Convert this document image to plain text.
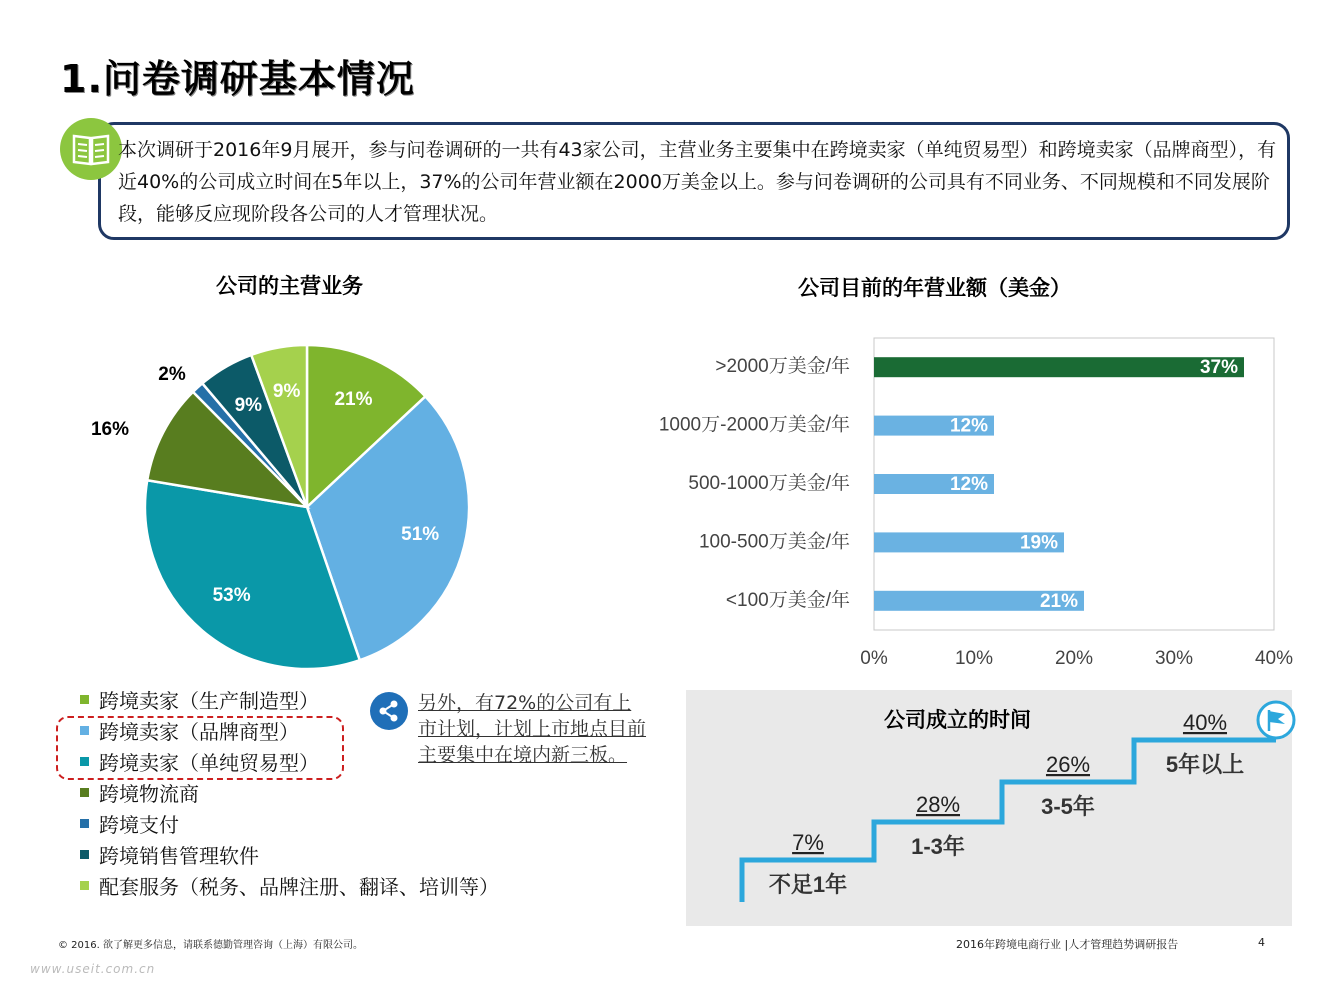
1.问卷调研基本情况
本次调研于2016年9月展开，参与问卷调研的一共有43家公司，主营业务主要集中在跨境卖家（单纯贸易型）和跨境卖家（品牌商型），有近40%的公司成立时间在5年以上，37%的公司年营业额在2000万美金以上。参与问卷调研的公司具有不同业务、不同规模和不同发展阶段，能够反应现阶段各公司的人才管理状况。
公司的主营业务
21%
51%
53%
16%
2%
9%
9%
跨境卖家（生产制造型）
跨境卖家（品牌商型）
跨境卖家（单纯贸易型）
跨境物流商
跨境支付
跨境销售管理软件
配套服务（税务、品牌注册、翻译、培训等）
另外，有72%的公司有上市计划，计划上市地点目前主要集中在境内新三板。
公司目前的年营业额（美金）
>2000万美金/年	37%
1000万-2000万美金/年	12%
500-1000万美金/年	12%
100-500万美金/年	19%
<100万美金/年	21%
0%	10%	20%	30%	40%
公司成立的时间
7%
不足1年
28%
1-3年
26%
3-5年
40%
5年以上
© 2016. 欲了解更多信息，请联系德勤管理咨询（上海）有限公司。	2016年跨境电商行业 |人才管理趋势调研报告	4
www.useit.com.cn
